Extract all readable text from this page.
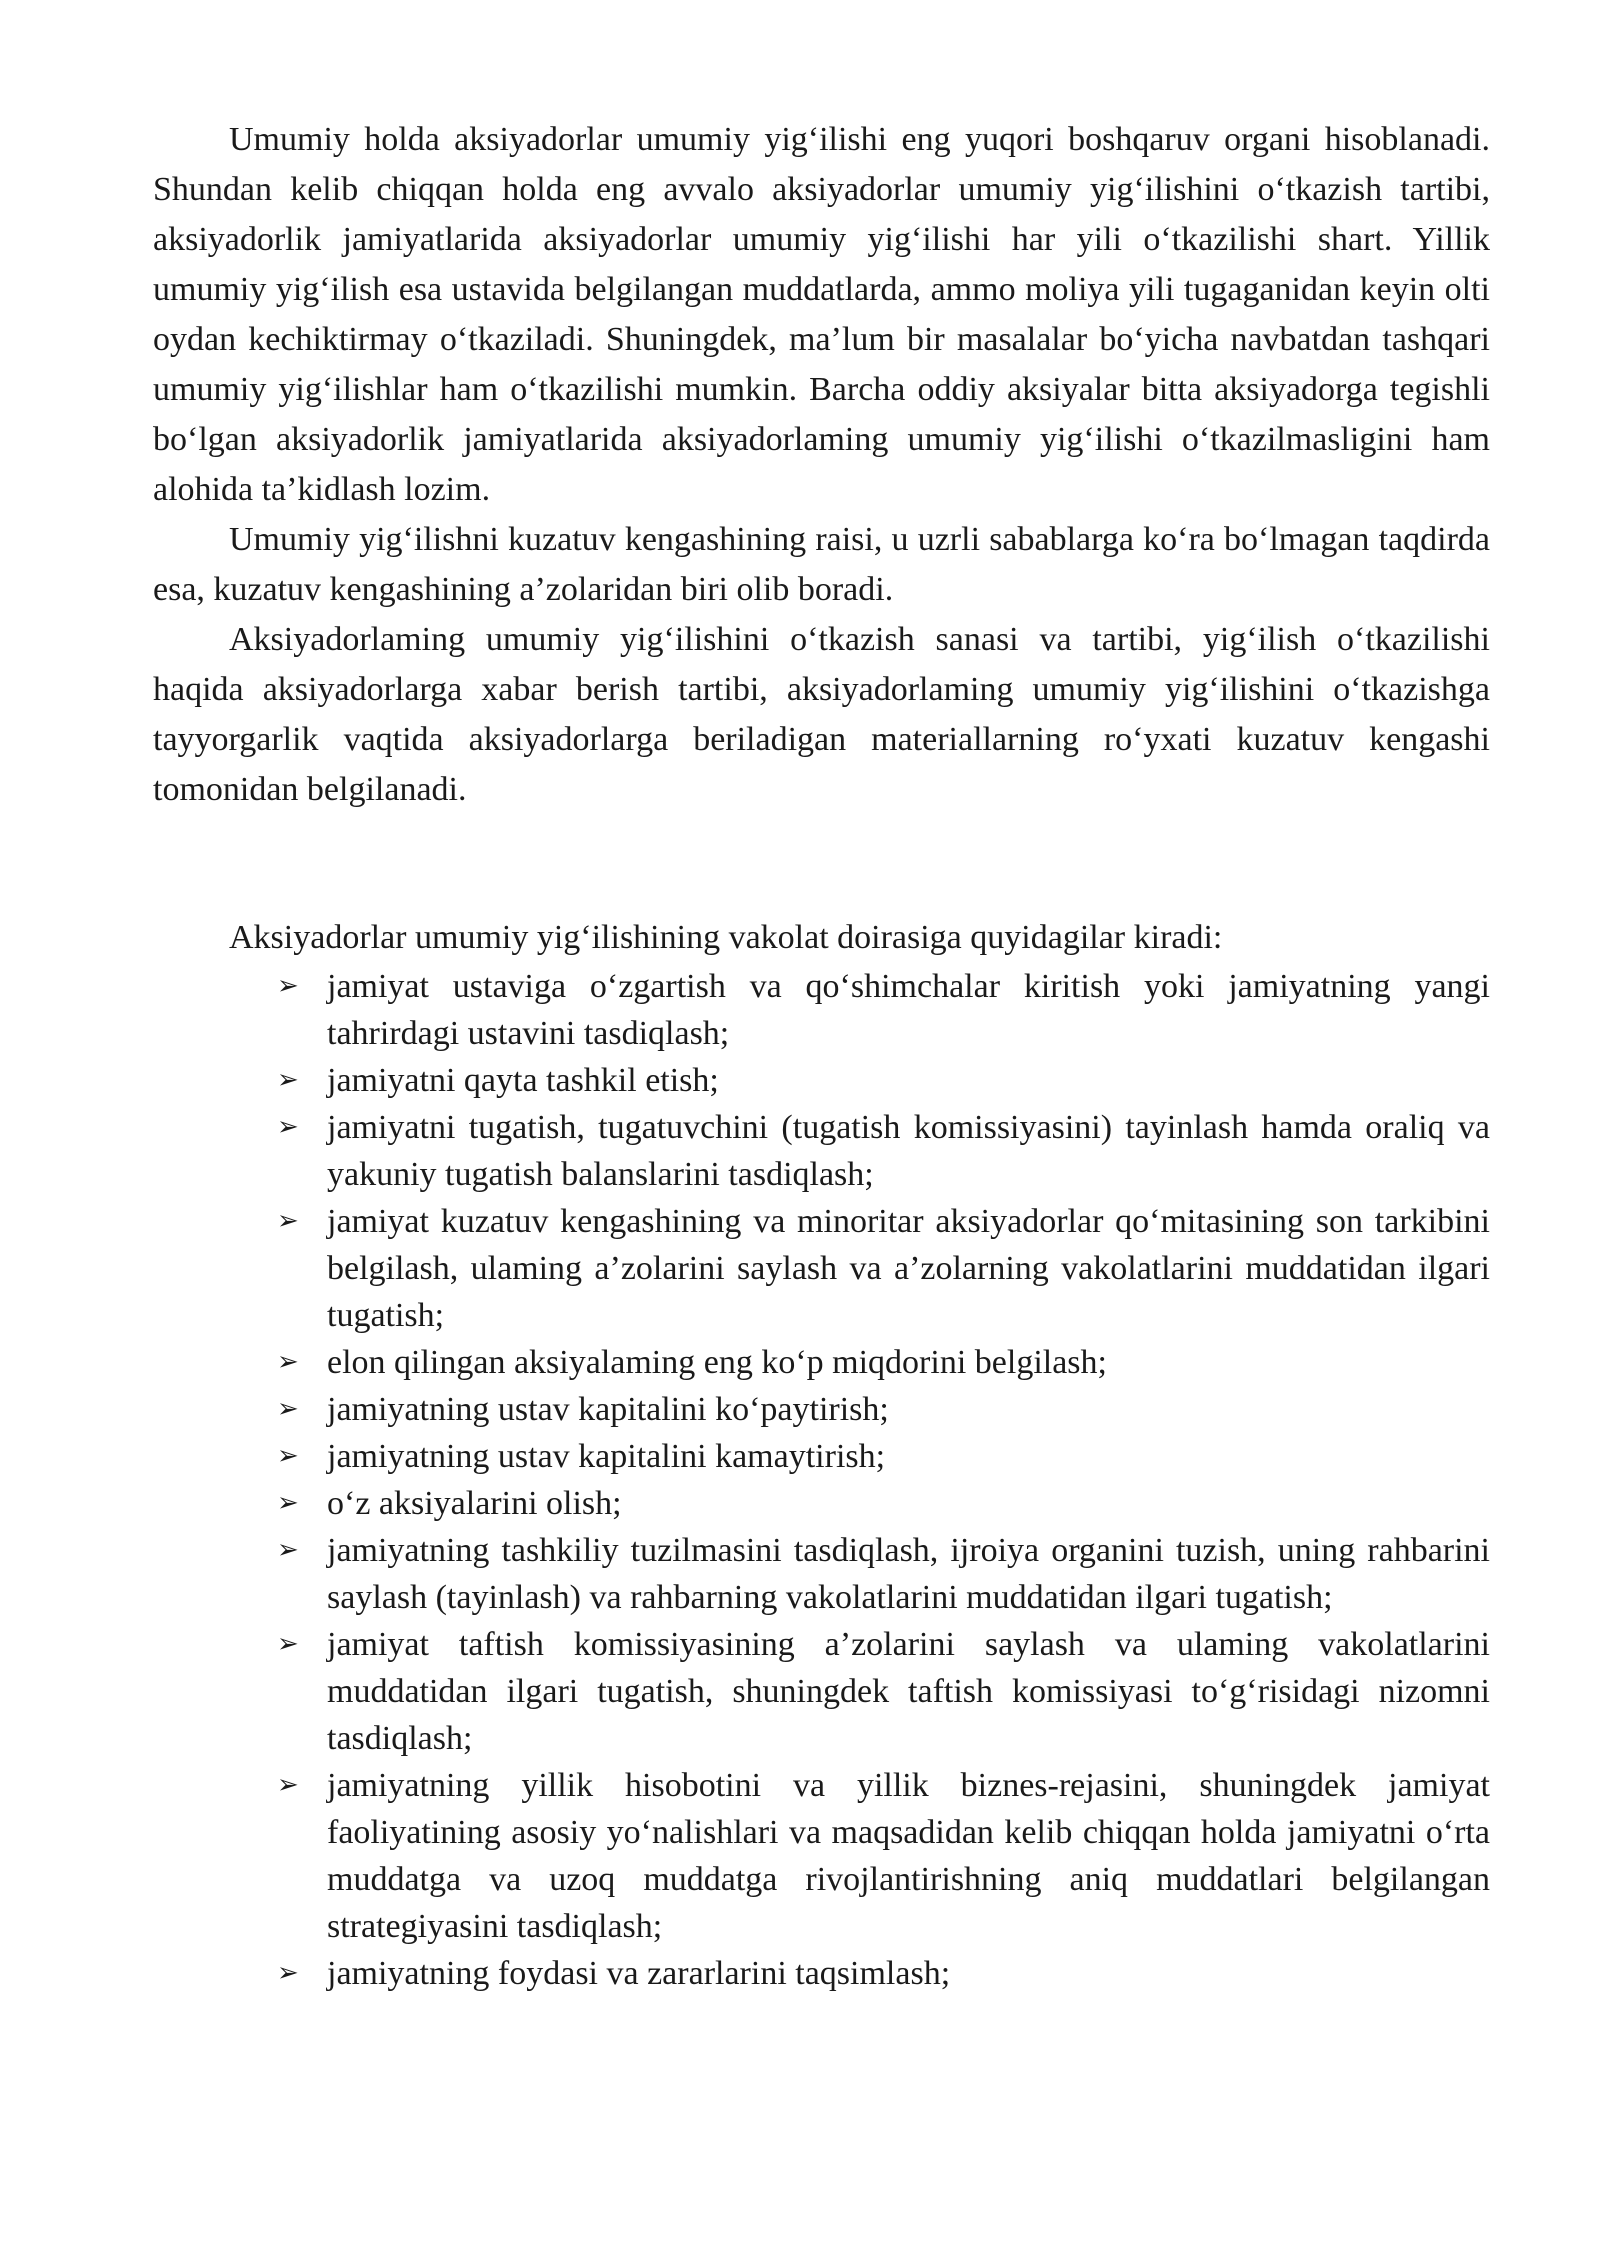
Umumiy holda aksiyadorlar umumiy yig‘ilishi eng yuqori boshqaruv organi hisoblanadi. Shundan kelib chiqqan holda eng avvalo aksiyadorlar umumiy yig‘ilishini o‘tkazish tartibi, aksiyadorlik jamiyatlarida aksiyadorlar umumiy yig‘ilishi har yili o‘tkazilishi shart. Yillik umumiy yig‘ilish esa ustavida belgilangan muddatlarda, ammo moliya yili tugaganidan keyin olti oydan kechiktirmay o‘tkaziladi. Shuningdek, ma’lum bir masalalar bo‘yicha navbatdan tashqari umumiy yig‘ilishlar ham o‘tkazilishi mumkin. Barcha oddiy aksiyalar bitta aksiyadorga tegishli bo‘lgan aksiyadorlik jamiyatlarida aksiyadorlaming umumiy yig‘ilishi o‘tkazilmasligini ham alohida ta’kidlash lozim.

Umumiy yig‘ilishni kuzatuv kengashining raisi, u uzrli sabablarga ko‘ra bo‘lmagan taqdirda esa, kuzatuv kengashining a’zolaridan biri olib boradi.

Aksiyadorlaming umumiy yig‘ilishini o‘tkazish sanasi va tartibi, yig‘ilish o‘tkazilishi haqida aksiyadorlarga xabar berish tartibi, aksiyadorlaming umumiy yig‘ilishini o‘tkazishga tayyorgarlik vaqtida aksiyadorlarga beriladigan materiallarning ro‘yxati kuzatuv kengashi tomonidan belgilanadi.

Aksiyadorlar umumiy yig‘ilishining vakolat doirasiga quyidagilar kiradi:

➢ jamiyat ustaviga o‘zgartish va qo‘shimchalar kiritish yoki jamiyatning yangi tahrirdagi ustavini tasdiqlash;
➢ jamiyatni qayta tashkil etish;
➢ jamiyatni tugatish, tugatuvchini (tugatish komissiyasini) tayinlash hamda oraliq va yakuniy tugatish balanslarini tasdiqlash;
➢ jamiyat kuzatuv kengashining va minoritar aksiyadorlar qo‘mitasining son tarkibini belgilash, ulaming a’zolarini saylash va a’zolarning vakolatlarini muddatidan ilgari tugatish;
➢ elon qilingan aksiyalaming eng ko‘p miqdorini belgilash;
➢ jamiyatning ustav kapitalini ko‘paytirish;
➢ jamiyatning ustav kapitalini kamaytirish;
➢ o‘z aksiyalarini olish;
➢ jamiyatning tashkiliy tuzilmasini tasdiqlash, ijroiya organini tuzish, uning rahbarini saylash (tayinlash) va rahbarning vakolatlarini muddatidan ilgari tugatish;
➢ jamiyat taftish komissiyasining a’zolarini saylash va ulaming vakolatlarini muddatidan ilgari tugatish, shuningdek taftish komissiyasi to‘g‘risidagi nizomni tasdiqlash;
➢ jamiyatning yillik hisobotini va yillik biznes-rejasini, shuningdek jamiyat faoliyatining asosiy yo‘nalishlari va maqsadidan kelib chiqqan holda jamiyatni o‘rta muddatga va uzoq muddatga rivojlantirishning aniq muddatlari belgilangan strategiyasini tasdiqlash;
➢ jamiyatning foydasi va zararlarini taqsimlash;
